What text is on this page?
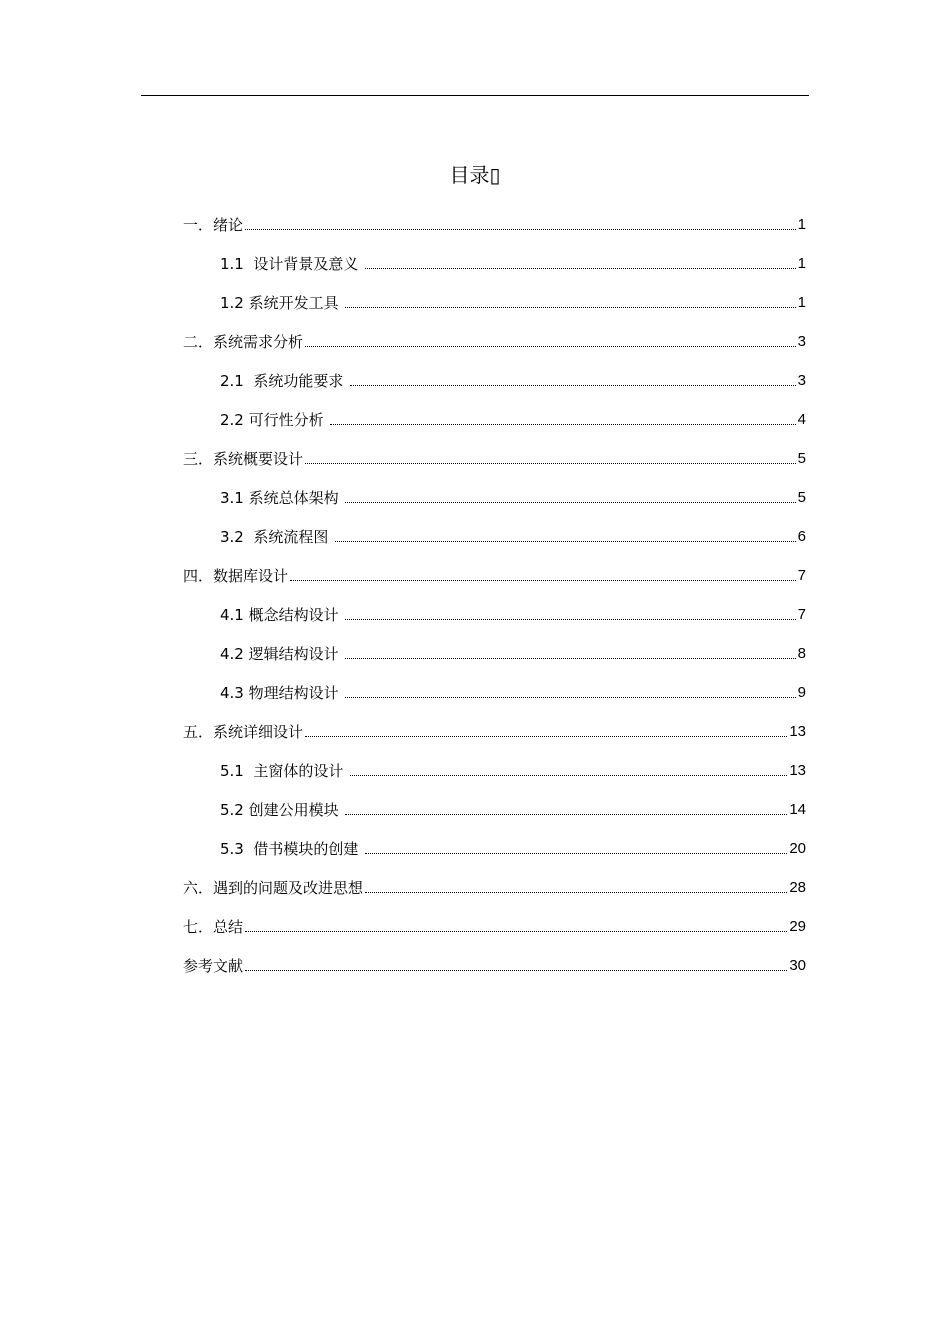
目录▯
一．绪论	1
1.1  设计背景及意义	1
1.2 系统开发工具	1
二．系统需求分析	3
2.1  系统功能要求	3
2.2 可行性分析	4
三．系统概要设计	5
3.1 系统总体架构	5
3.2  系统流程图	6
四．数据库设计	7
4.1 概念结构设计	7
4.2 逻辑结构设计	8
4.3 物理结构设计	9
五．系统详细设计	13
5.1  主窗体的设计	13
5.2 创建公用模块	14
5.3  借书模块的创建	20
六．遇到的问题及改进思想	28
七．总结	29
参考文献	30
